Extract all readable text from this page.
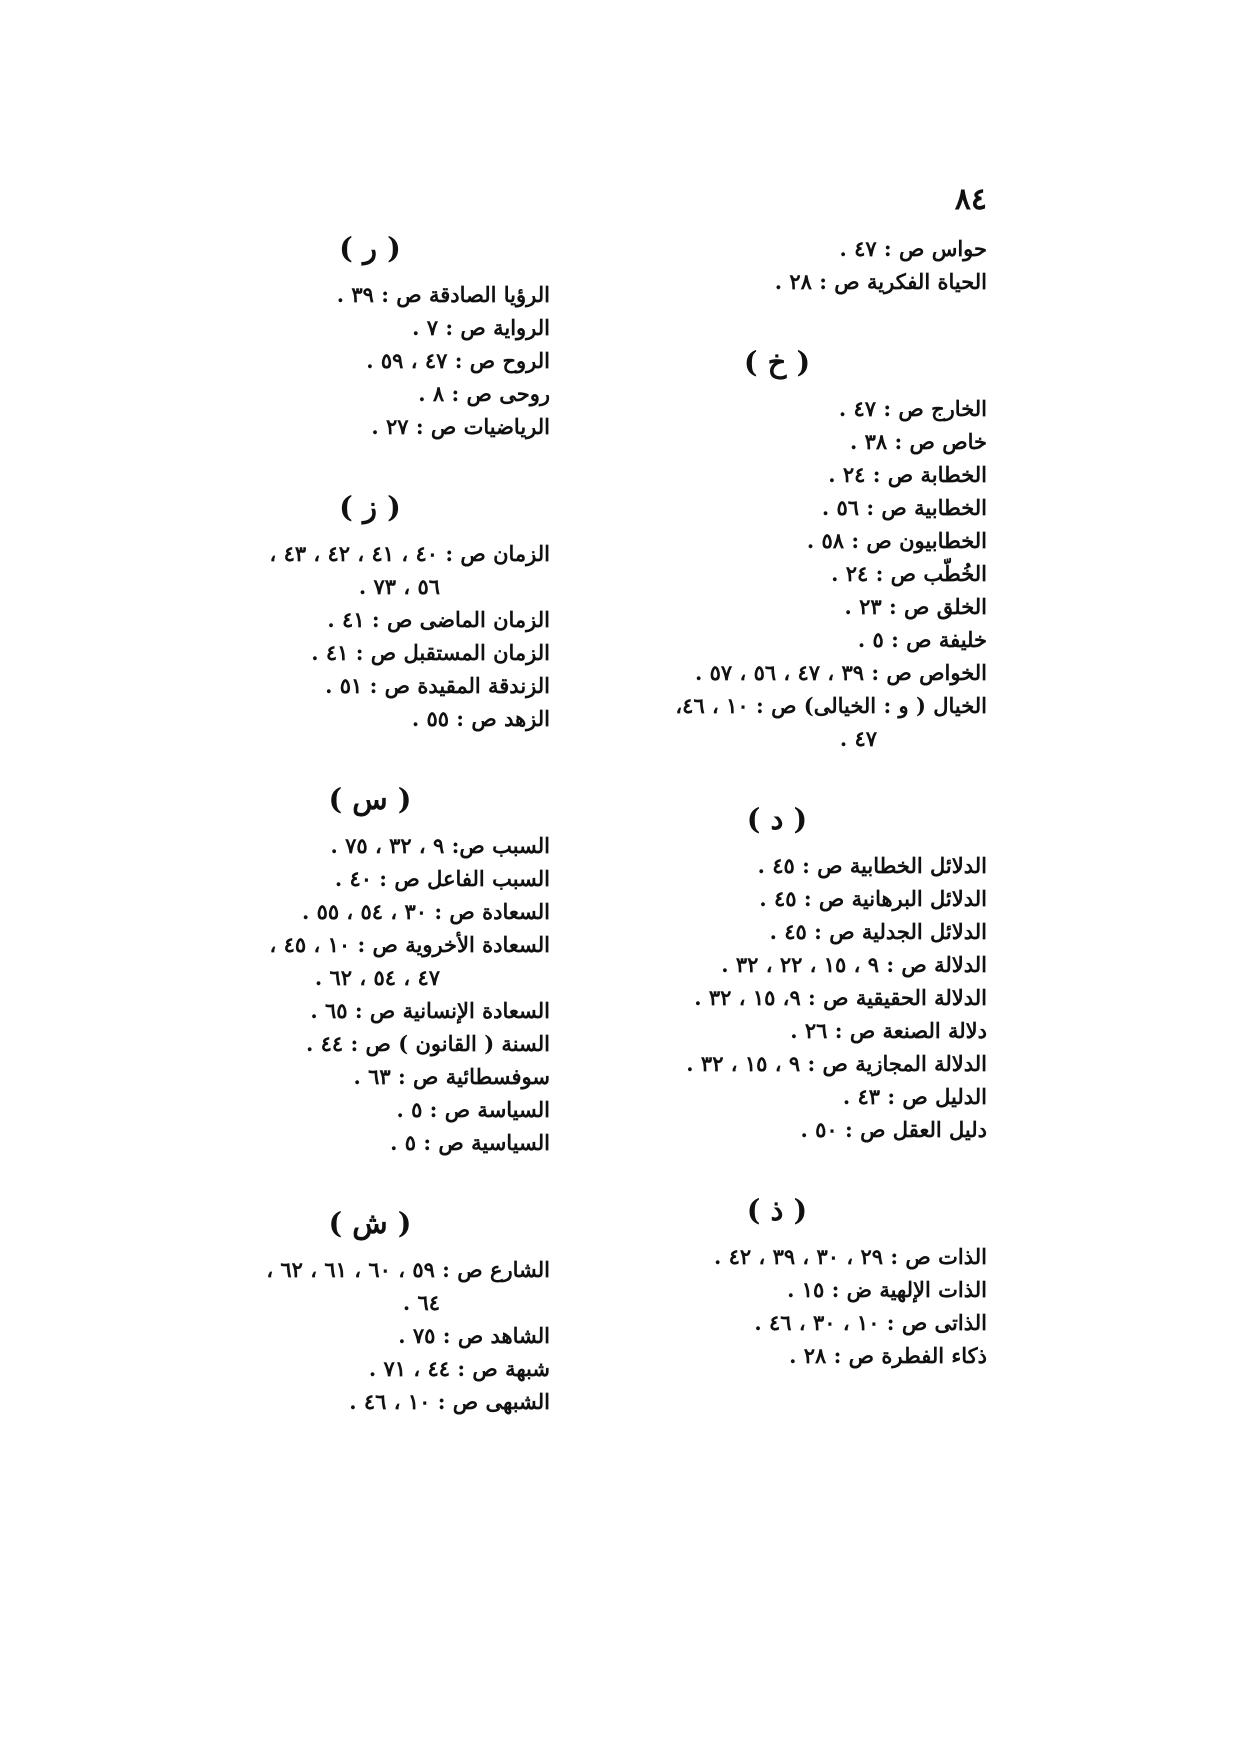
٨٤
حواس ص : ٤٧ .
الحياة الفكرية ص : ٢٨ .
( خ )
الخارج ص : ٤٧ .
خاص ص : ٣٨ .
الخطابة ص : ٢٤ .
الخطابية ص : ٥٦ .
الخطابيون ص : ٥٨ .
الخُطّب ص : ٢٤ .
الخلق ص : ٢٣ .
خليفة ص : ٥ .
الخواص ص : ٣٩ ، ٤٧ ، ٥٦ ، ٥٧ .
الخيال ( و : الخيالى) ص : ١٠ ، ٤٦،
٤٧ .
( د )
الدلائل الخطابية ص : ٤٥ .
الدلائل البرهانية ص : ٤٥ .
الدلائل الجدلية ص : ٤٥ .
الدلالة ص : ٩ ، ١٥ ، ٢٢ ، ٣٢ .
الدلالة الحقيقية ص : ٩، ١٥ ، ٣٢ .
دلالة الصنعة ص : ٢٦ .
الدلالة المجازية ص : ٩ ، ١٥ ، ٣٢ .
الدليل ص : ٤٣ .
دليل العقل ص : ٥٠ .
( ذ )
الذات ص : ٢٩ ، ٣٠ ، ٣٩ ، ٤٢ .
الذات الإلهية ض : ١٥ .
الذاتى ص : ١٠ ، ٣٠ ، ٤٦ .
ذكاء الفطرة ص : ٢٨ .
( ر )
الرؤيا الصادقة ص : ٣٩ .
الرواية ص : ٧ .
الروح ص : ٤٧ ، ٥٩ .
روحى ص : ٨ .
الرياضيات ص : ٢٧ .
( ز )
الزمان ص : ٤٠ ، ٤١ ، ٤٢ ، ٤٣ ،
٥٦ ، ٧٣ .
الزمان الماضى ص : ٤١ .
الزمان المستقبل ص : ٤١ .
الزندقة المقيدة ص : ٥١ .
الزهد ص : ٥٥ .
( س )
السبب ص: ٩ ، ٣٢ ، ٧٥ .
السبب الفاعل ص : ٤٠ .
السعادة ص : ٣٠ ، ٥٤ ، ٥٥ .
السعادة الأخروية ص : ١٠ ، ٤٥ ،
٤٧ ، ٥٤ ، ٦٢ .
السعادة الإنسانية ص : ٦٥ .
السنة ( القانون ) ص : ٤٤ .
سوفسطائية ص : ٦٣ .
السياسة ص : ٥ .
السياسية ص : ٥ .
( ش )
الشارع ص : ٥٩ ، ٦٠ ، ٦١ ، ٦٢ ،
٦٤ .
الشاهد ص : ٧٥ .
شبهة ص : ٤٤ ، ٧١ .
الشبهى ص : ١٠ ، ٤٦ .
